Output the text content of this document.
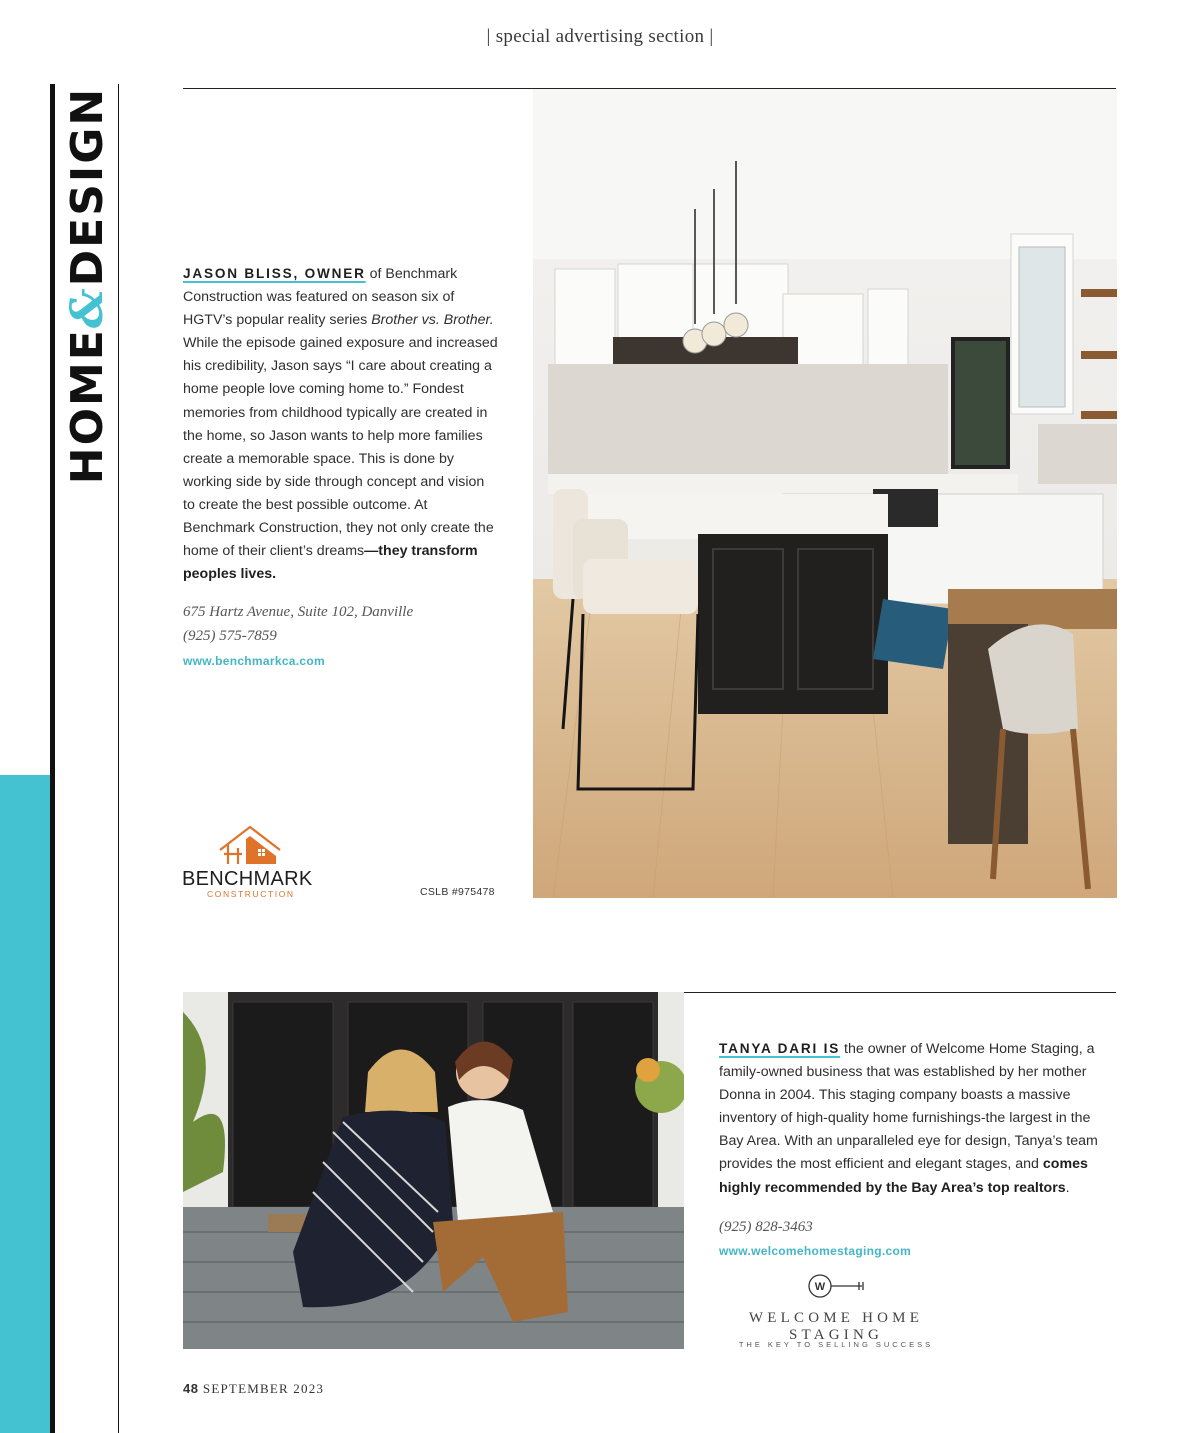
| special advertising section |
HOME&DESIGN	JASON BLISS, OWNER of Benchmark Construction was featured on season six of HGTV’s popular reality series Brother vs. Brother. While the episode gained exposure and increased his credibility, Jason says “I care about creating a home people love coming home to.” Fondest memories from childhood typically are created in the home, so Jason wants to help more families create a memorable space. This is done by working side by side through concept and vision to create the best possible outcome. At Benchmark Construction, they not only create the home of their client’s dreams—they transform peoples lives.
675 Hartz Avenue, Suite 102, Danville
(925) 575-7859
www.benchmarkca.com
BENCHMARK
CONSTRUCTION	CSLB #975478
TANYA DARI IS the owner of Welcome Home Staging, a family-owned business that was established by her mother Donna in 2004. This staging company boasts a massive inventory of high-quality home furnishings-the largest in the Bay Area. With an unparalleled eye for design, Tanya’s team provides the most efficient and elegant stages, and comes highly recommended by the Bay Area’s top realtors.
(925) 828-3463
www.welcomehomestaging.com
W
WELCOME HOME STAGING
THE KEY TO SELLING SUCCESS
48 SEPTEMBER 2023
